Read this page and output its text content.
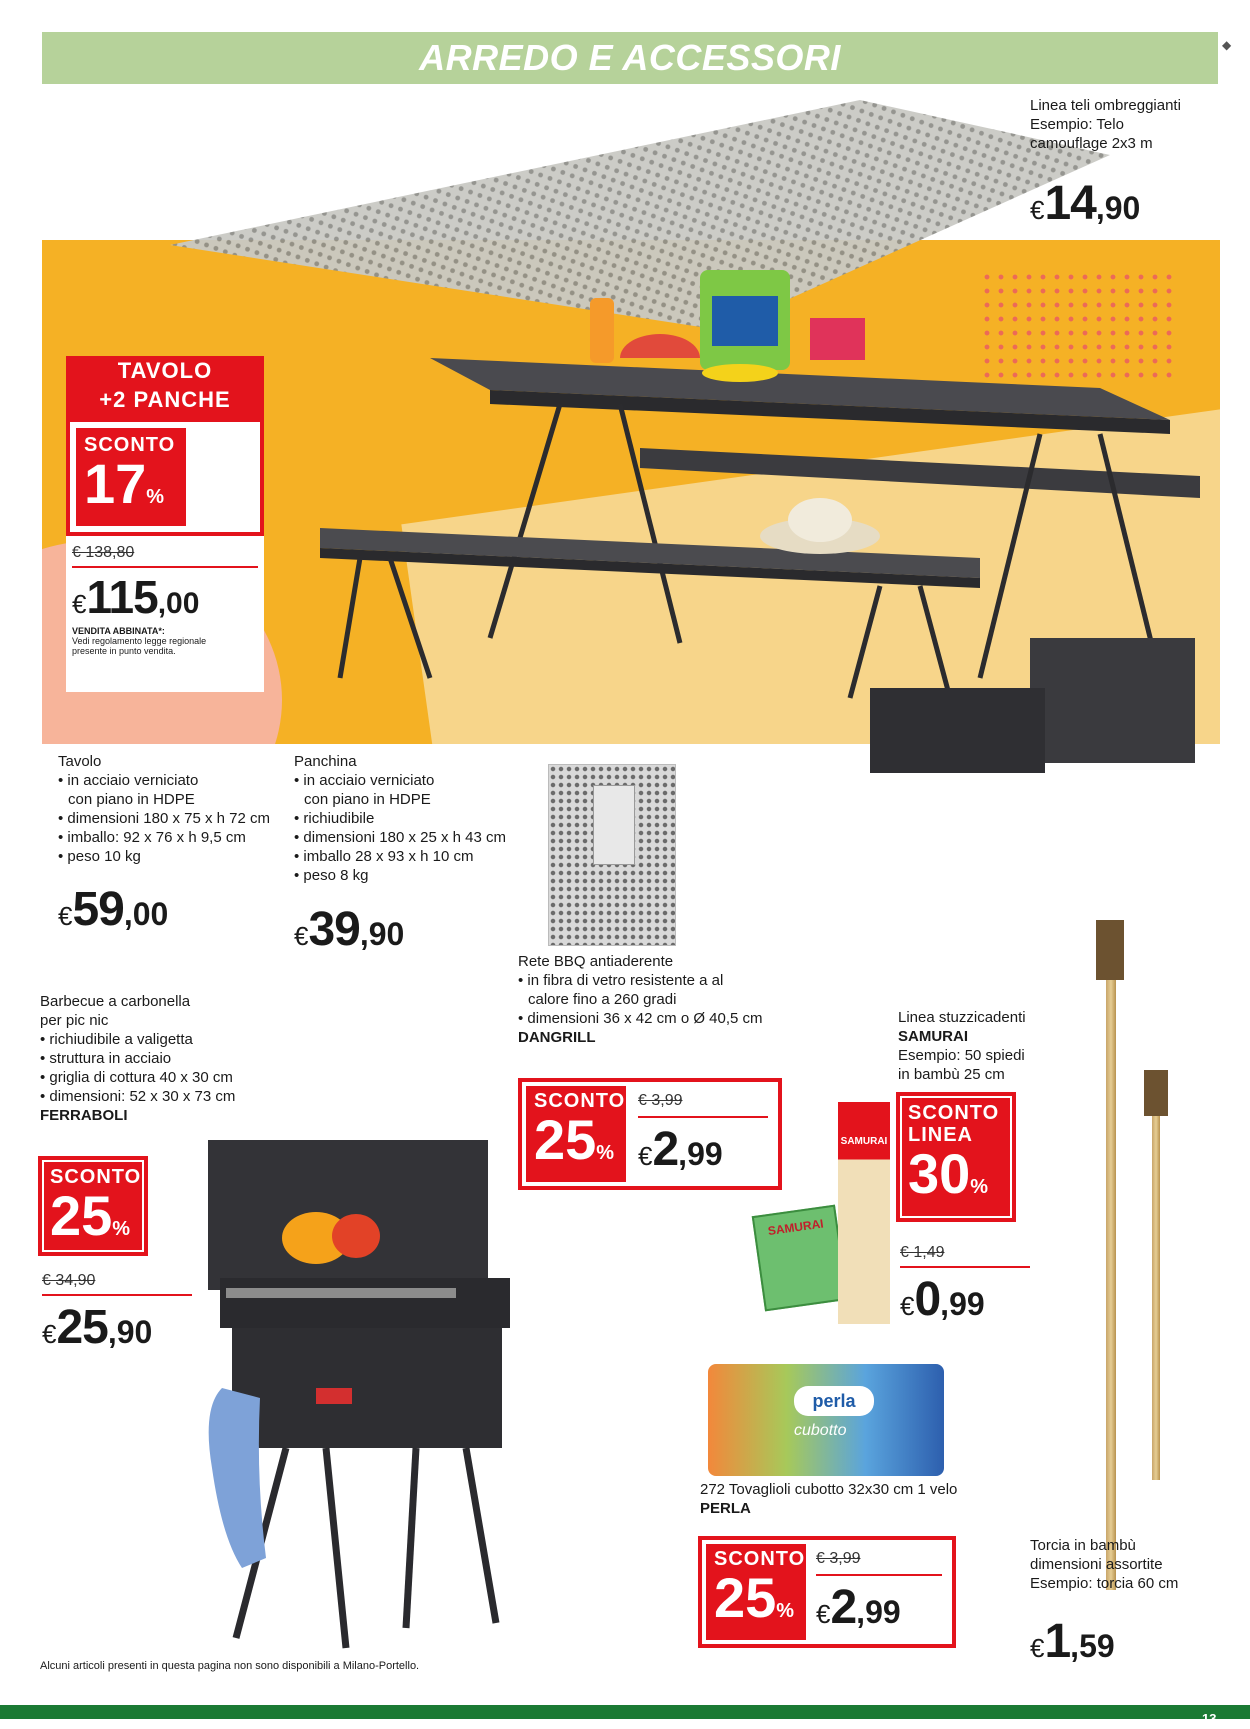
ARREDO E ACCESSORI	◆
Linea teli ombreggianti
Esempio: Telo
camouflage 2x3 m
€14,90
TAVOLO
+2 PANCHE
SCONTO
17%
€ 138,80
€115,00
VENDITA ABBINATA*:
Vedi regolamento legge regionale
presente in punto vendita.
Tavolo
• in acciaio verniciato
con piano in HDPE
• dimensioni 180 x 75 x h 72 cm
• imballo: 92 x 76 x h 9,5 cm
• peso 10 kg
€59,00
Panchina
• in acciaio verniciato
con piano in HDPE
• richiudibile
• dimensioni 180 x 25 x h 43 cm
• imballo 28 x 93 x h 10 cm
• peso 8 kg
€39,90
Rete BBQ antiaderente
• in fibra di vetro resistente a al
calore fino a 260 gradi
• dimensioni 36 x 42 cm o Ø 40,5 cm
DANGRILL
SCONTO
25%
€ 3,99
€2,99
Barbecue a carbonella
per pic nic
• richiudibile a valigetta
• struttura in acciaio
• griglia di cottura 40 x 30 cm
• dimensioni: 52 x 30 x 73 cm
FERRABOLI
SCONTO
25%
€ 34,90
€25,90
Linea stuzzicadenti
SAMURAI
Esempio: 50 spiedi
in bambù 25 cm
SCONTO
LINEA
30%
€ 1,49
€0,99
SAMURAI
SAMURAI
Torcia in bambù
dimensioni assortite
Esempio: torcia 60 cm
€1,59
perla
cubotto
272 Tovaglioli cubotto 32x30 cm 1 velo
PERLA
SCONTO
25%
€ 3,99
€2,99
Alcuni articoli presenti in questa pagina non sono disponibili a Milano-Portello.
13
